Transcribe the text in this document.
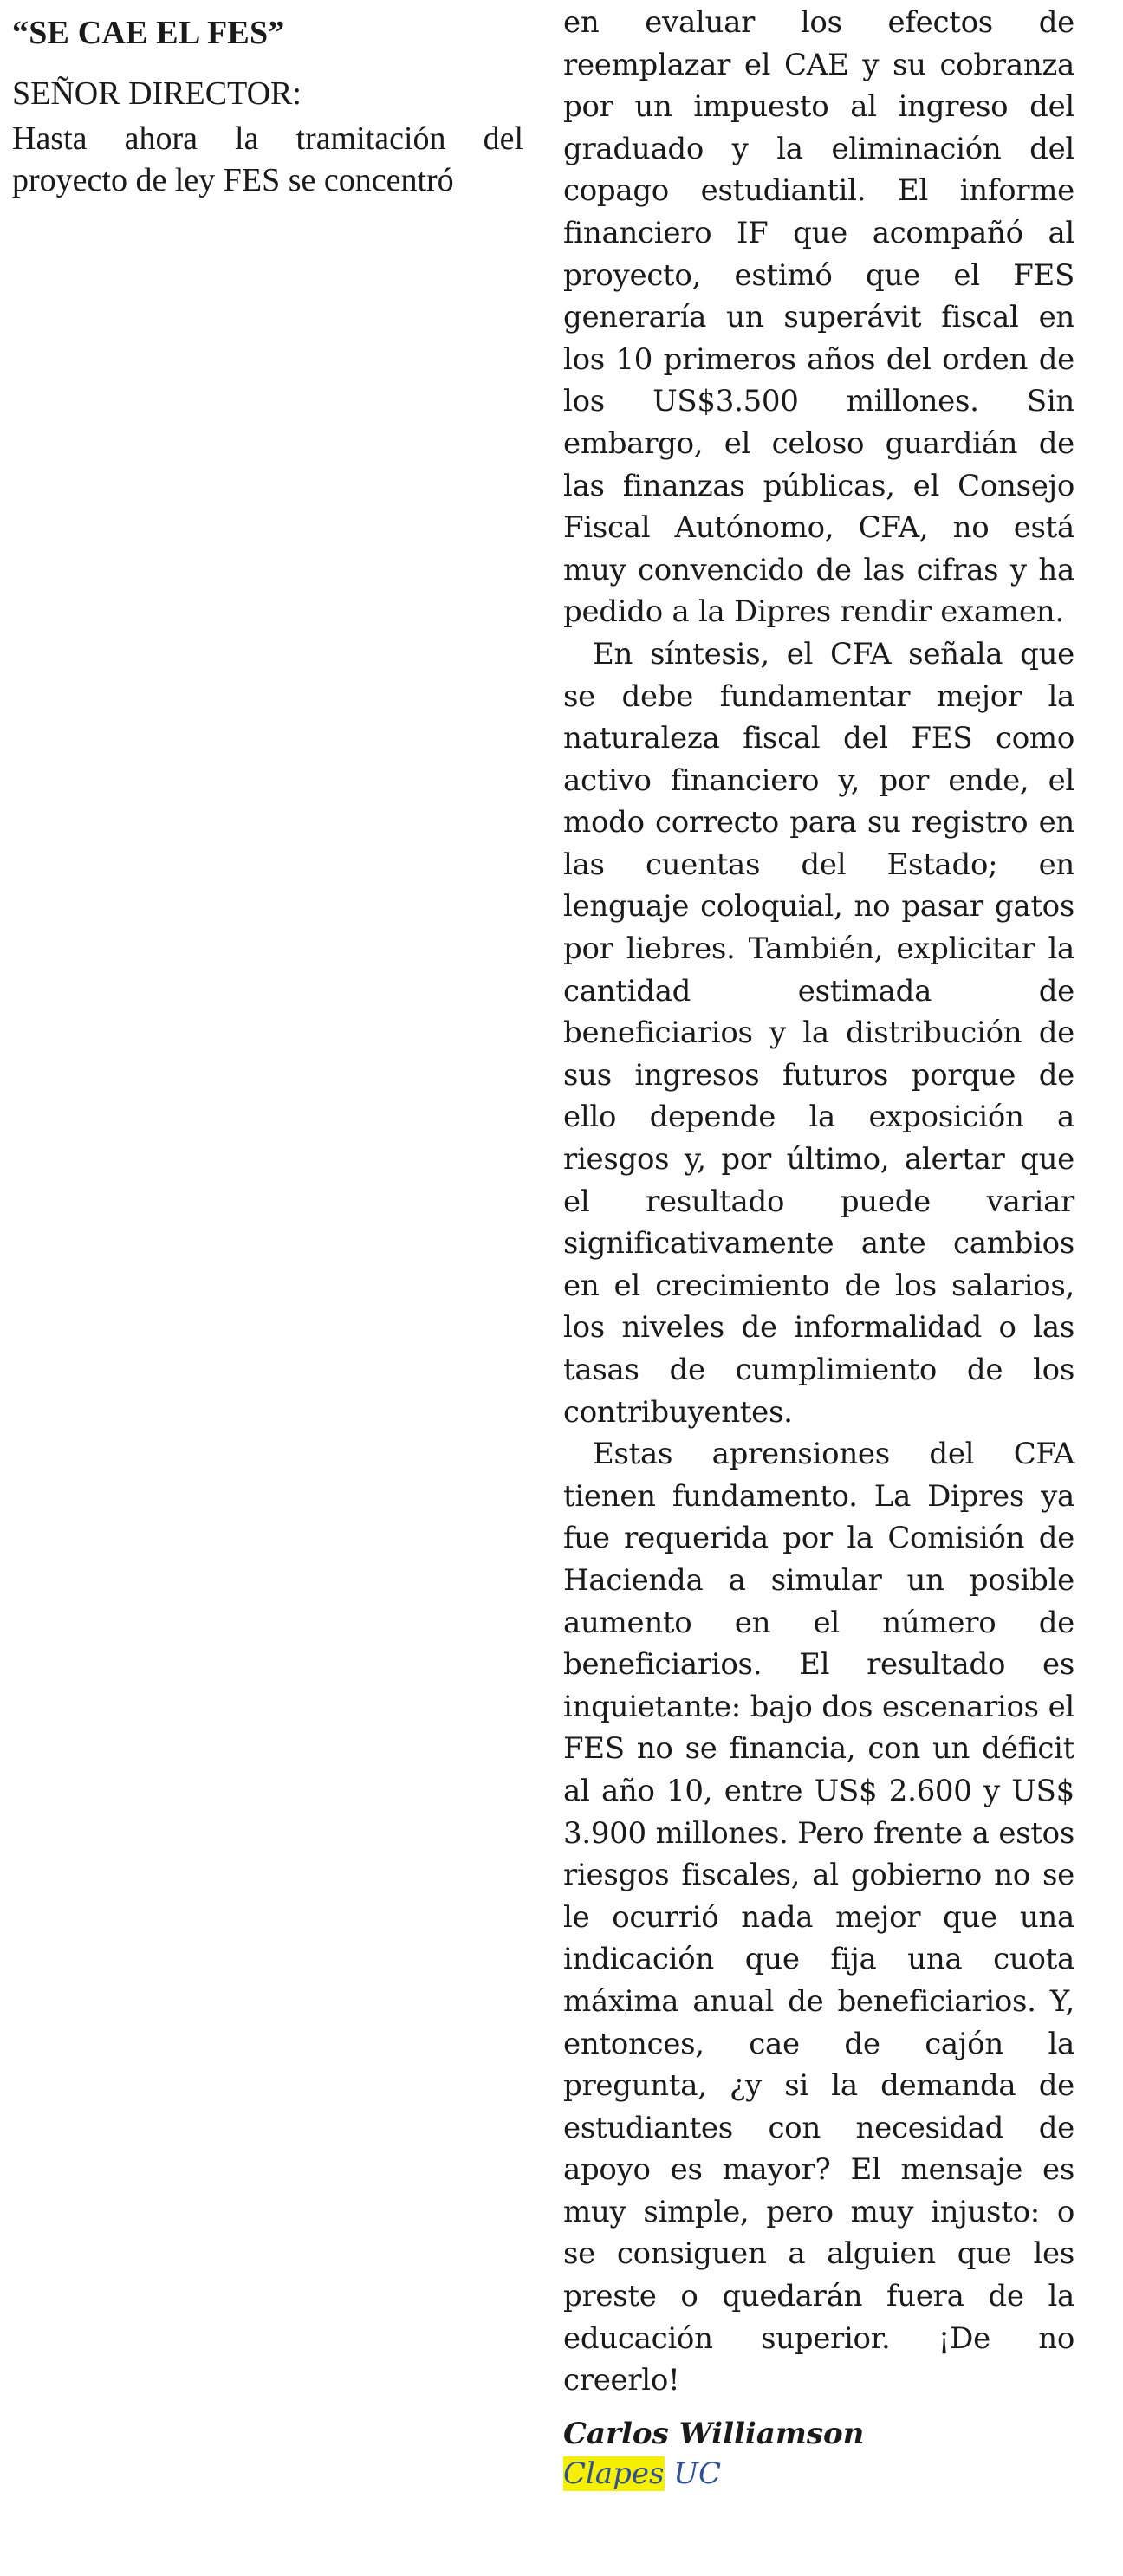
“SE CAE EL FES”

SEÑOR DIRECTOR:

Hasta ahora la tramitación del proyecto de ley FES se concentró

en evaluar los efectos de reemplazar el CAE y su cobranza por un impuesto al ingreso del graduado y la eliminación del copago estudiantil. El informe financiero IF que acompañó al proyecto, estimó que el FES generaría un superávit fiscal en los 10 primeros años del orden de los US$3.500 millones. Sin embargo, el celoso guardián de las finanzas públicas, el Consejo Fiscal Autónomo, CFA, no está muy convencido de las cifras y ha pedido a la Dipres rendir examen.

En síntesis, el CFA señala que se debe fundamentar mejor la naturaleza fiscal del FES como activo financiero y, por ende, el modo correcto para su registro en las cuentas del Estado; en lenguaje coloquial, no pasar gatos por liebres. También, explicitar la cantidad estimada de beneficiarios y la distribución de sus ingresos futuros porque de ello depende la exposición a riesgos y, por último, alertar que el resultado puede variar significativamente ante cambios en el crecimiento de los salarios, los niveles de informalidad o las tasas de cumplimiento de los contribuyentes.

Estas aprensiones del CFA tienen fundamento. La Dipres ya fue requerida por la Comisión de Hacienda a simular un posible aumento en el número de beneficiarios. El resultado es inquietante: bajo dos escenarios el FES no se financia, con un déficit al año 10, entre US$ 2.600 y US$ 3.900 millones. Pero frente a estos riesgos fiscales, al gobierno no se le ocurrió nada mejor que una indicación que fija una cuota máxima anual de beneficiarios. Y, entonces, cae de cajón la pregunta, ¿y si la demanda de estudiantes con necesidad de apoyo es mayor? El mensaje es muy simple, pero muy injusto: o se consiguen a alguien que les preste o quedarán fuera de la educación superior. ¡De no creerlo!

Carlos Williamson
Clapes UC
